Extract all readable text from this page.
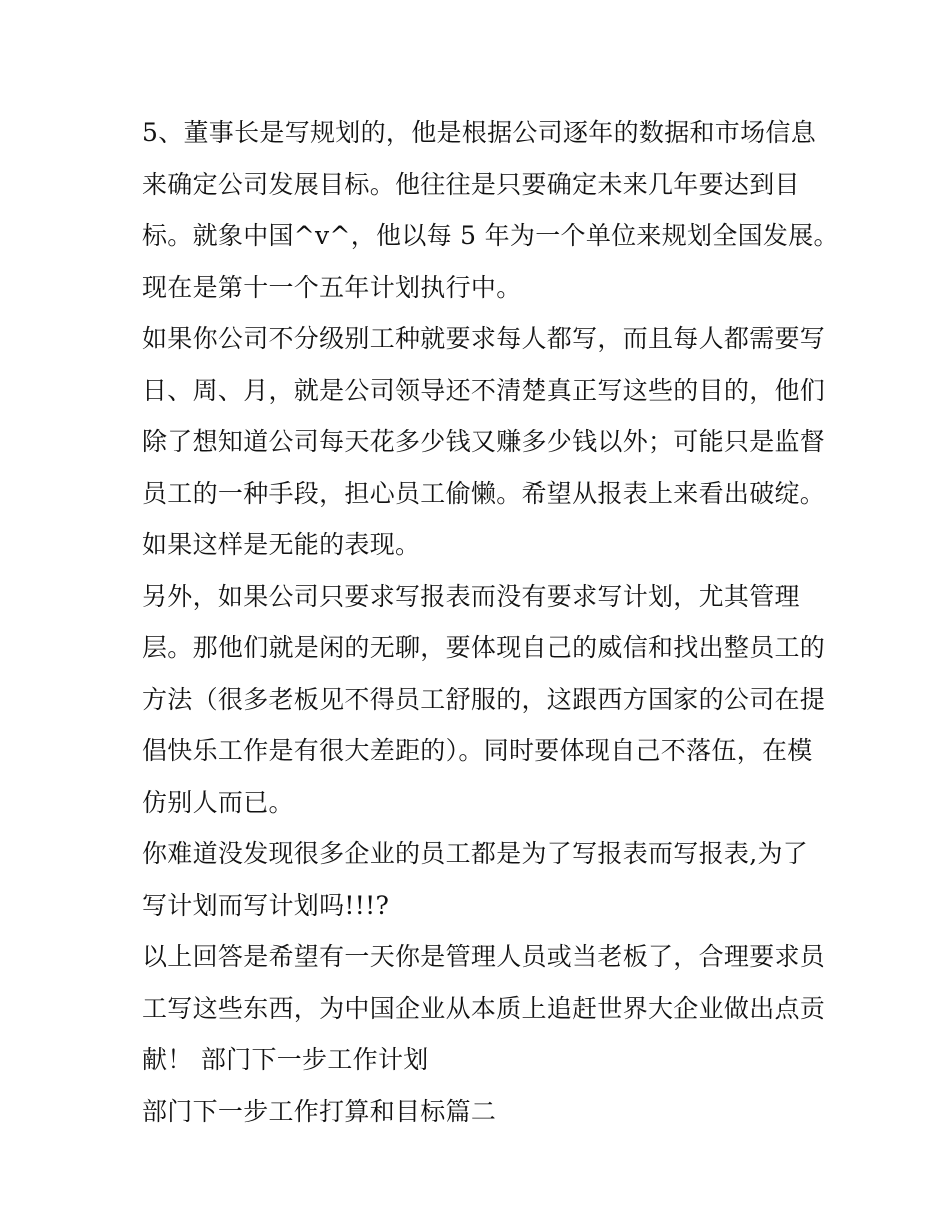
5、董事长是写规划的，他是根据公司逐年的数据和市场信息
来确定公司发展目标。他往往是只要确定未来几年要达到目
标。就象中国^v^，他以每 5 年为一个单位来规划全国发展。
现在是第十一个五年计划执行中。
如果你公司不分级别工种就要求每人都写，而且每人都需要写
日、周、月，就是公司领导还不清楚真正写这些的目的，他们
除了想知道公司每天花多少钱又赚多少钱以外；可能只是监督
员工的一种手段，担心员工偷懒。希望从报表上来看出破绽。
如果这样是无能的表现。
另外，如果公司只要求写报表而没有要求写计划，尤其管理
层。那他们就是闲的无聊，要体现自己的威信和找出整员工的
方法（很多老板见不得员工舒服的，这跟西方国家的公司在提
倡快乐工作是有很大差距的）。同时要体现自己不落伍，在模
仿别人而已。
你难道没发现很多企业的员工都是为了写报表而写报表,为了
写计划而写计划吗!!!?
以上回答是希望有一天你是管理人员或当老板了，合理要求员
工写这些东西，为中国企业从本质上追赶世界大企业做出点贡
献！ 部门下一步工作计划
部门下一步工作打算和目标篇二
